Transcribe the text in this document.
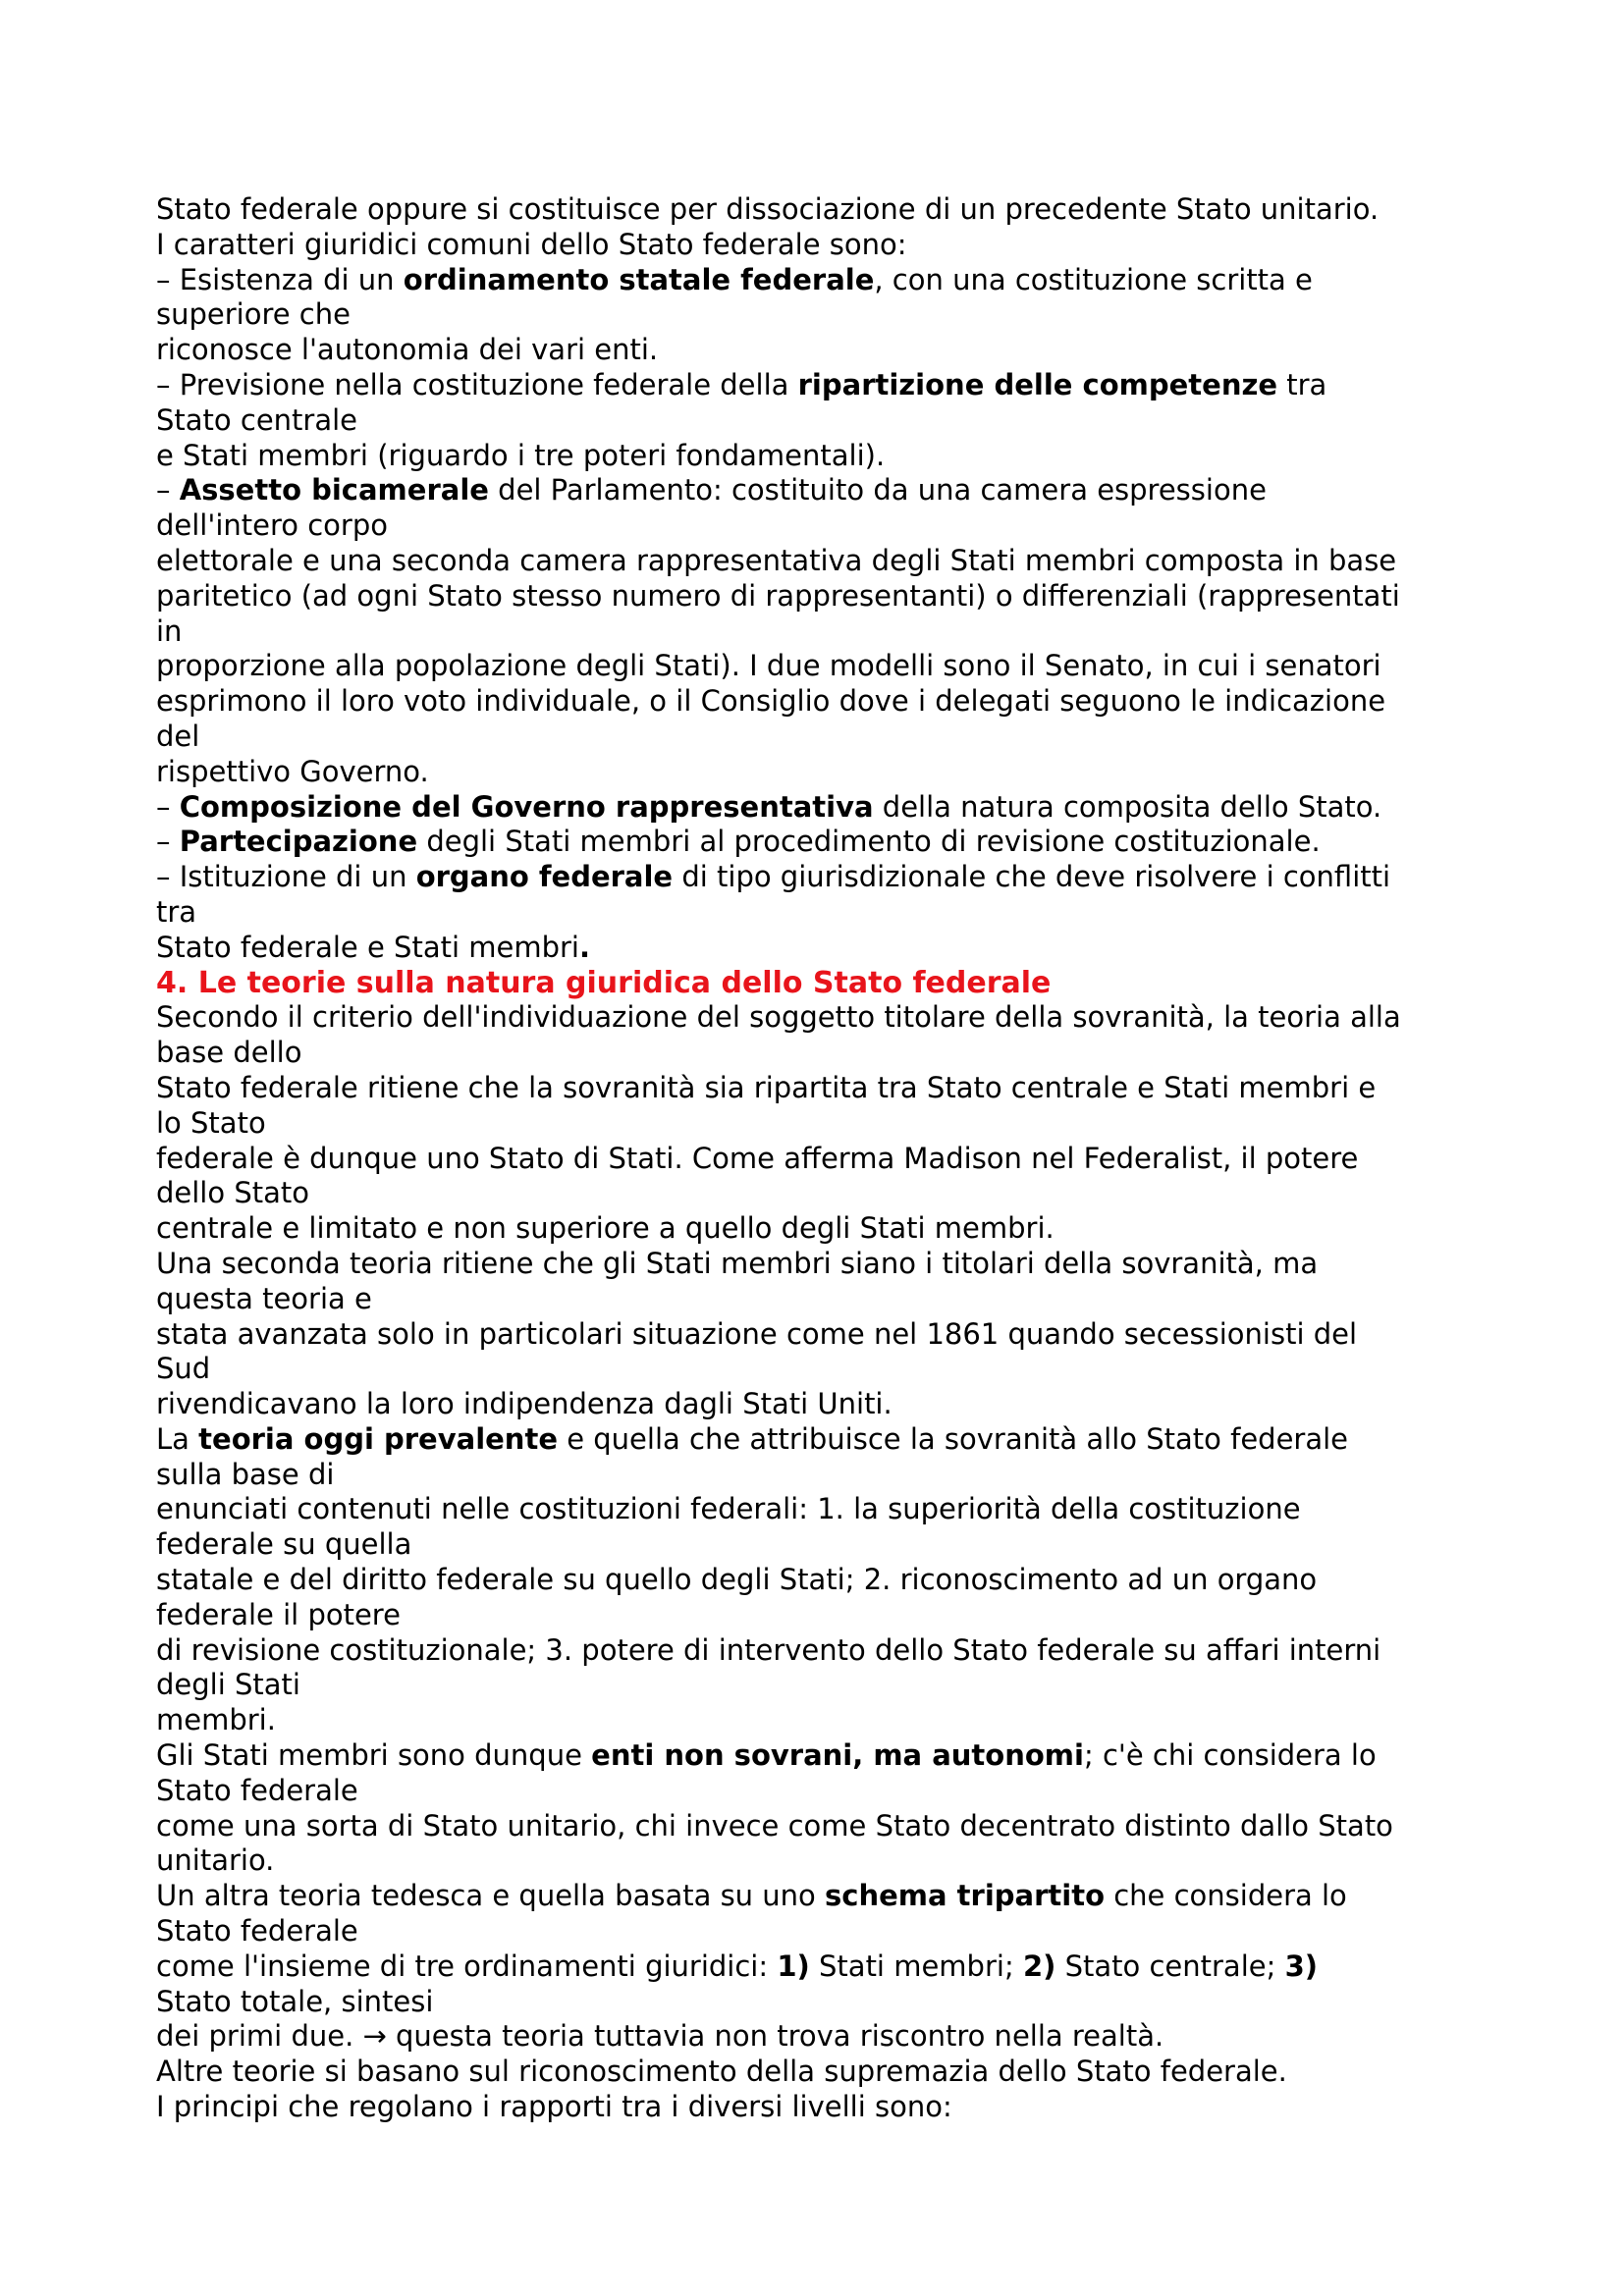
Stato federale oppure si costituisce per dissociazione di un precedente Stato unitario.
I caratteri giuridici comuni dello Stato federale sono:
– Esistenza di un ordinamento statale federale, con una costituzione scritta e
superiore che
riconosce l'autonomia dei vari enti.
– Previsione nella costituzione federale della ripartizione delle competenze tra
Stato centrale
e Stati membri (riguardo i tre poteri fondamentali).
– Assetto bicamerale del Parlamento: costituito da una camera espressione
dell'intero corpo
elettorale e una seconda camera rappresentativa degli Stati membri composta in base
paritetico (ad ogni Stato stesso numero di rappresentanti) o differenziali (rappresentati
in
proporzione alla popolazione degli Stati). I due modelli sono il Senato, in cui i senatori
esprimono il loro voto individuale, o il Consiglio dove i delegati seguono le indicazione
del
rispettivo Governo.
– Composizione del Governo rappresentativa della natura composita dello Stato.
– Partecipazione degli Stati membri al procedimento di revisione costituzionale.
– Istituzione di un organo federale di tipo giurisdizionale che deve risolvere i conflitti
tra
Stato federale e Stati membri.
4. Le teorie sulla natura giuridica dello Stato federale
Secondo il criterio dell'individuazione del soggetto titolare della sovranità, la teoria alla
base dello
Stato federale ritiene che la sovranità sia ripartita tra Stato centrale e Stati membri e
lo Stato
federale è dunque uno Stato di Stati. Come afferma Madison nel Federalist, il potere
dello Stato
centrale e limitato e non superiore a quello degli Stati membri.
Una seconda teoria ritiene che gli Stati membri siano i titolari della sovranità, ma
questa teoria e
stata avanzata solo in particolari situazione come nel 1861 quando secessionisti del
Sud
rivendicavano la loro indipendenza dagli Stati Uniti.
La teoria oggi prevalente e quella che attribuisce la sovranità allo Stato federale
sulla base di
enunciati contenuti nelle costituzioni federali: 1. la superiorità della costituzione
federale su quella
statale e del diritto federale su quello degli Stati; 2. riconoscimento ad un organo
federale il potere
di revisione costituzionale; 3. potere di intervento dello Stato federale su affari interni
degli Stati
membri.
Gli Stati membri sono dunque enti non sovrani, ma autonomi; c'è chi considera lo
Stato federale
come una sorta di Stato unitario, chi invece come Stato decentrato distinto dallo Stato
unitario.
Un altra teoria tedesca e quella basata su uno schema tripartito che considera lo
Stato federale
come l'insieme di tre ordinamenti giuridici: 1) Stati membri; 2) Stato centrale; 3)
Stato totale, sintesi
dei primi due. → questa teoria tuttavia non trova riscontro nella realtà.
Altre teorie si basano sul riconoscimento della supremazia dello Stato federale.
I principi che regolano i rapporti tra i diversi livelli sono:
